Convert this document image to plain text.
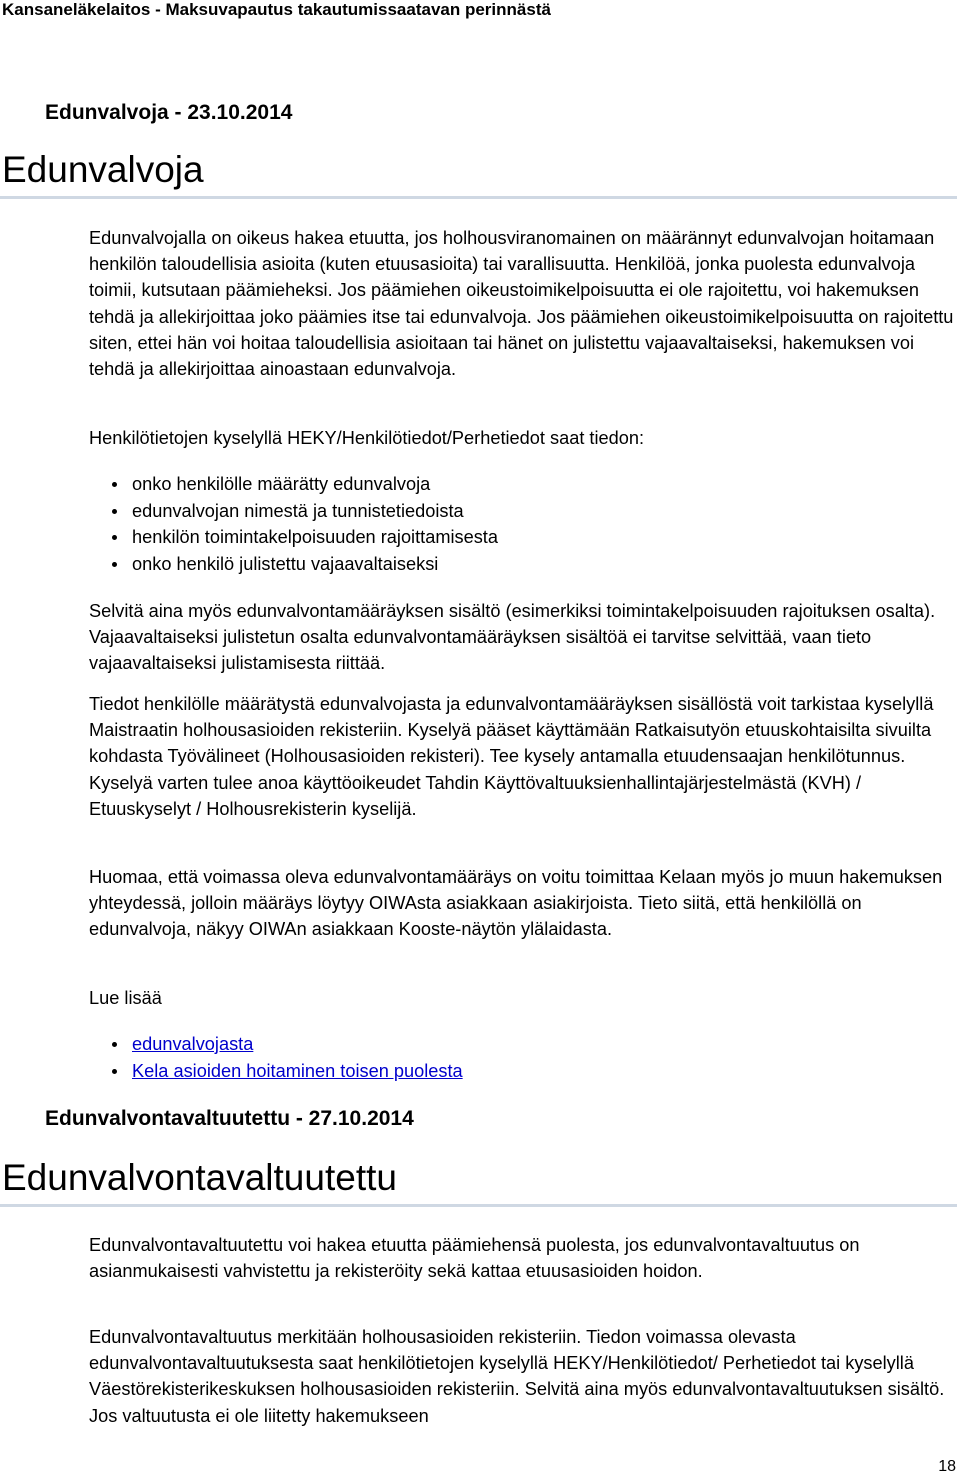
Kansaneläkelaitos - Maksuvapautus takautumissaatavan perinnästä
Edunvalvoja - 23.10.2014
Edunvalvoja

Edunvalvojalla on oikeus hakea etuutta, jos holhousviranomainen on määrännyt edunvalvojan hoitamaan henkilön taloudellisia asioita (kuten etuusasioita) tai varallisuutta. Henkilöä, jonka puolesta edunvalvoja toimii, kutsutaan päämieheksi. Jos päämiehen oikeustoimikelpoisuutta ei ole rajoitettu, voi hakemuksen tehdä ja allekirjoittaa joko päämies itse tai edunvalvoja. Jos päämiehen oikeustoimikelpoisuutta on rajoitettu siten, ettei hän voi hoitaa taloudellisia asioitaan tai hänet on julistettu vajaavaltaiseksi, hakemuksen voi tehdä ja allekirjoittaa ainoastaan edunvalvoja.

Henkilötietojen kyselyllä HEKY/Henkilötiedot/Perhetiedot saat tiedon:

onko henkilölle määrätty edunvalvoja
edunvalvojan nimestä ja tunnistetiedoista
henkilön toimintakelpoisuuden rajoittamisesta
onko henkilö julistettu vajaavaltaiseksi

Selvitä aina myös edunvalvontamääräyksen sisältö (esimerkiksi toimintakelpoisuuden rajoituksen osalta). Vajaavaltaiseksi julistetun osalta edunvalvontamääräyksen sisältöä ei tarvitse selvittää, vaan tieto vajaavaltaiseksi julistamisesta riittää.

Tiedot henkilölle määrätystä edunvalvojasta ja edunvalvontamääräyksen sisällöstä voit tarkistaa kyselyllä Maistraatin holhousasioiden rekisteriin. Kyselyä pääset käyttämään Ratkaisutyön etuuskohtaisilta sivuilta kohdasta Työvälineet (Holhousasioiden rekisteri). Tee kysely antamalla etuudensaajan henkilötunnus. Kyselyä varten tulee anoa käyttöoikeudet Tahdin Käyttövaltuuksienhallintajärjestelmästä (KVH) / Etuuskyselyt / Holhousrekisterin kyselijä.

Huomaa, että voimassa oleva edunvalvontamääräys on voitu toimittaa Kelaan myös jo muun hakemuksen yhteydessä, jolloin määräys löytyy OIWAsta asiakkaan asiakirjoista. Tieto siitä, että henkilöllä on edunvalvoja, näkyy OIWAn asiakkaan Kooste-näytön ylälaidasta.

Lue lisää

edunvalvojasta
Kela asioiden hoitaminen toisen puolesta
Edunvalvontavaltuutettu - 27.10.2014
Edunvalvontavaltuutettu

Edunvalvontavaltuutettu voi hakea etuutta päämiehensä puolesta, jos edunvalvontavaltuutus on asianmukaisesti vahvistettu ja rekisteröity sekä kattaa etuusasioiden hoidon.

Edunvalvontavaltuutus merkitään holhousasioiden rekisteriin. Tiedon voimassa olevasta edunvalvontavaltuutuksesta saat henkilötietojen kyselyllä HEKY/Henkilötiedot/ Perhetiedot tai kyselyllä Väestörekisterikeskuksen holhousasioiden rekisteriin. Selvitä aina myös edunvalvontavaltuutuksen sisältö. Jos valtuutusta ei ole liitetty hakemukseen

18
